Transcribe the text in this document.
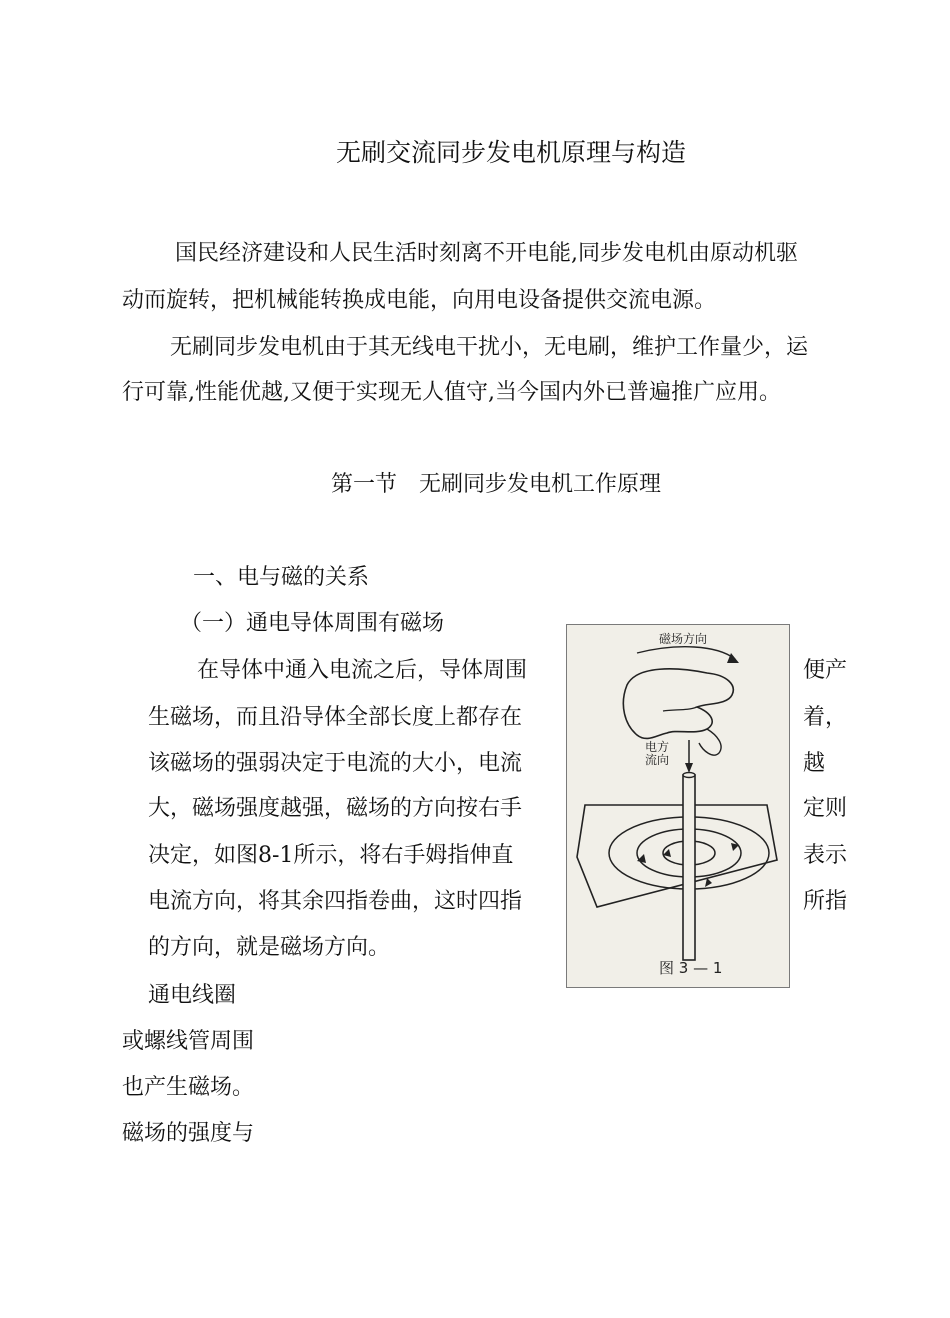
无刷交流同步发电机原理与构造
国民经济建设和人民生活时刻离不开电能,同步发电机由原动机驱
动而旋转，把机械能转换成电能，向用电设备提供交流电源。
无刷同步发电机由于其无线电干扰小，无电刷，维护工作量少，运
行可靠,性能优越,又便于实现无人值守,当今国内外已普遍推广应用。
第一节　无刷同步发电机工作原理
一、电与磁的关系
（一）通电导体周围有磁场
在导体中通入电流之后，导体周围
生磁场，而且沿导体全部长度上都存在
该磁场的强弱决定于电流的大小，电流
大，磁场强度越强，磁场的方向按右手
决定，如图8-1所示，将右手姆指伸直
电流方向，将其余四指卷曲，这时四指
的方向，就是磁场方向。
便产
着，
越
定则
表示
所指
通电线圈
或螺线管周围
也产生磁场。
磁场的强度与
磁场方向
电方流向
图 3 — 1
